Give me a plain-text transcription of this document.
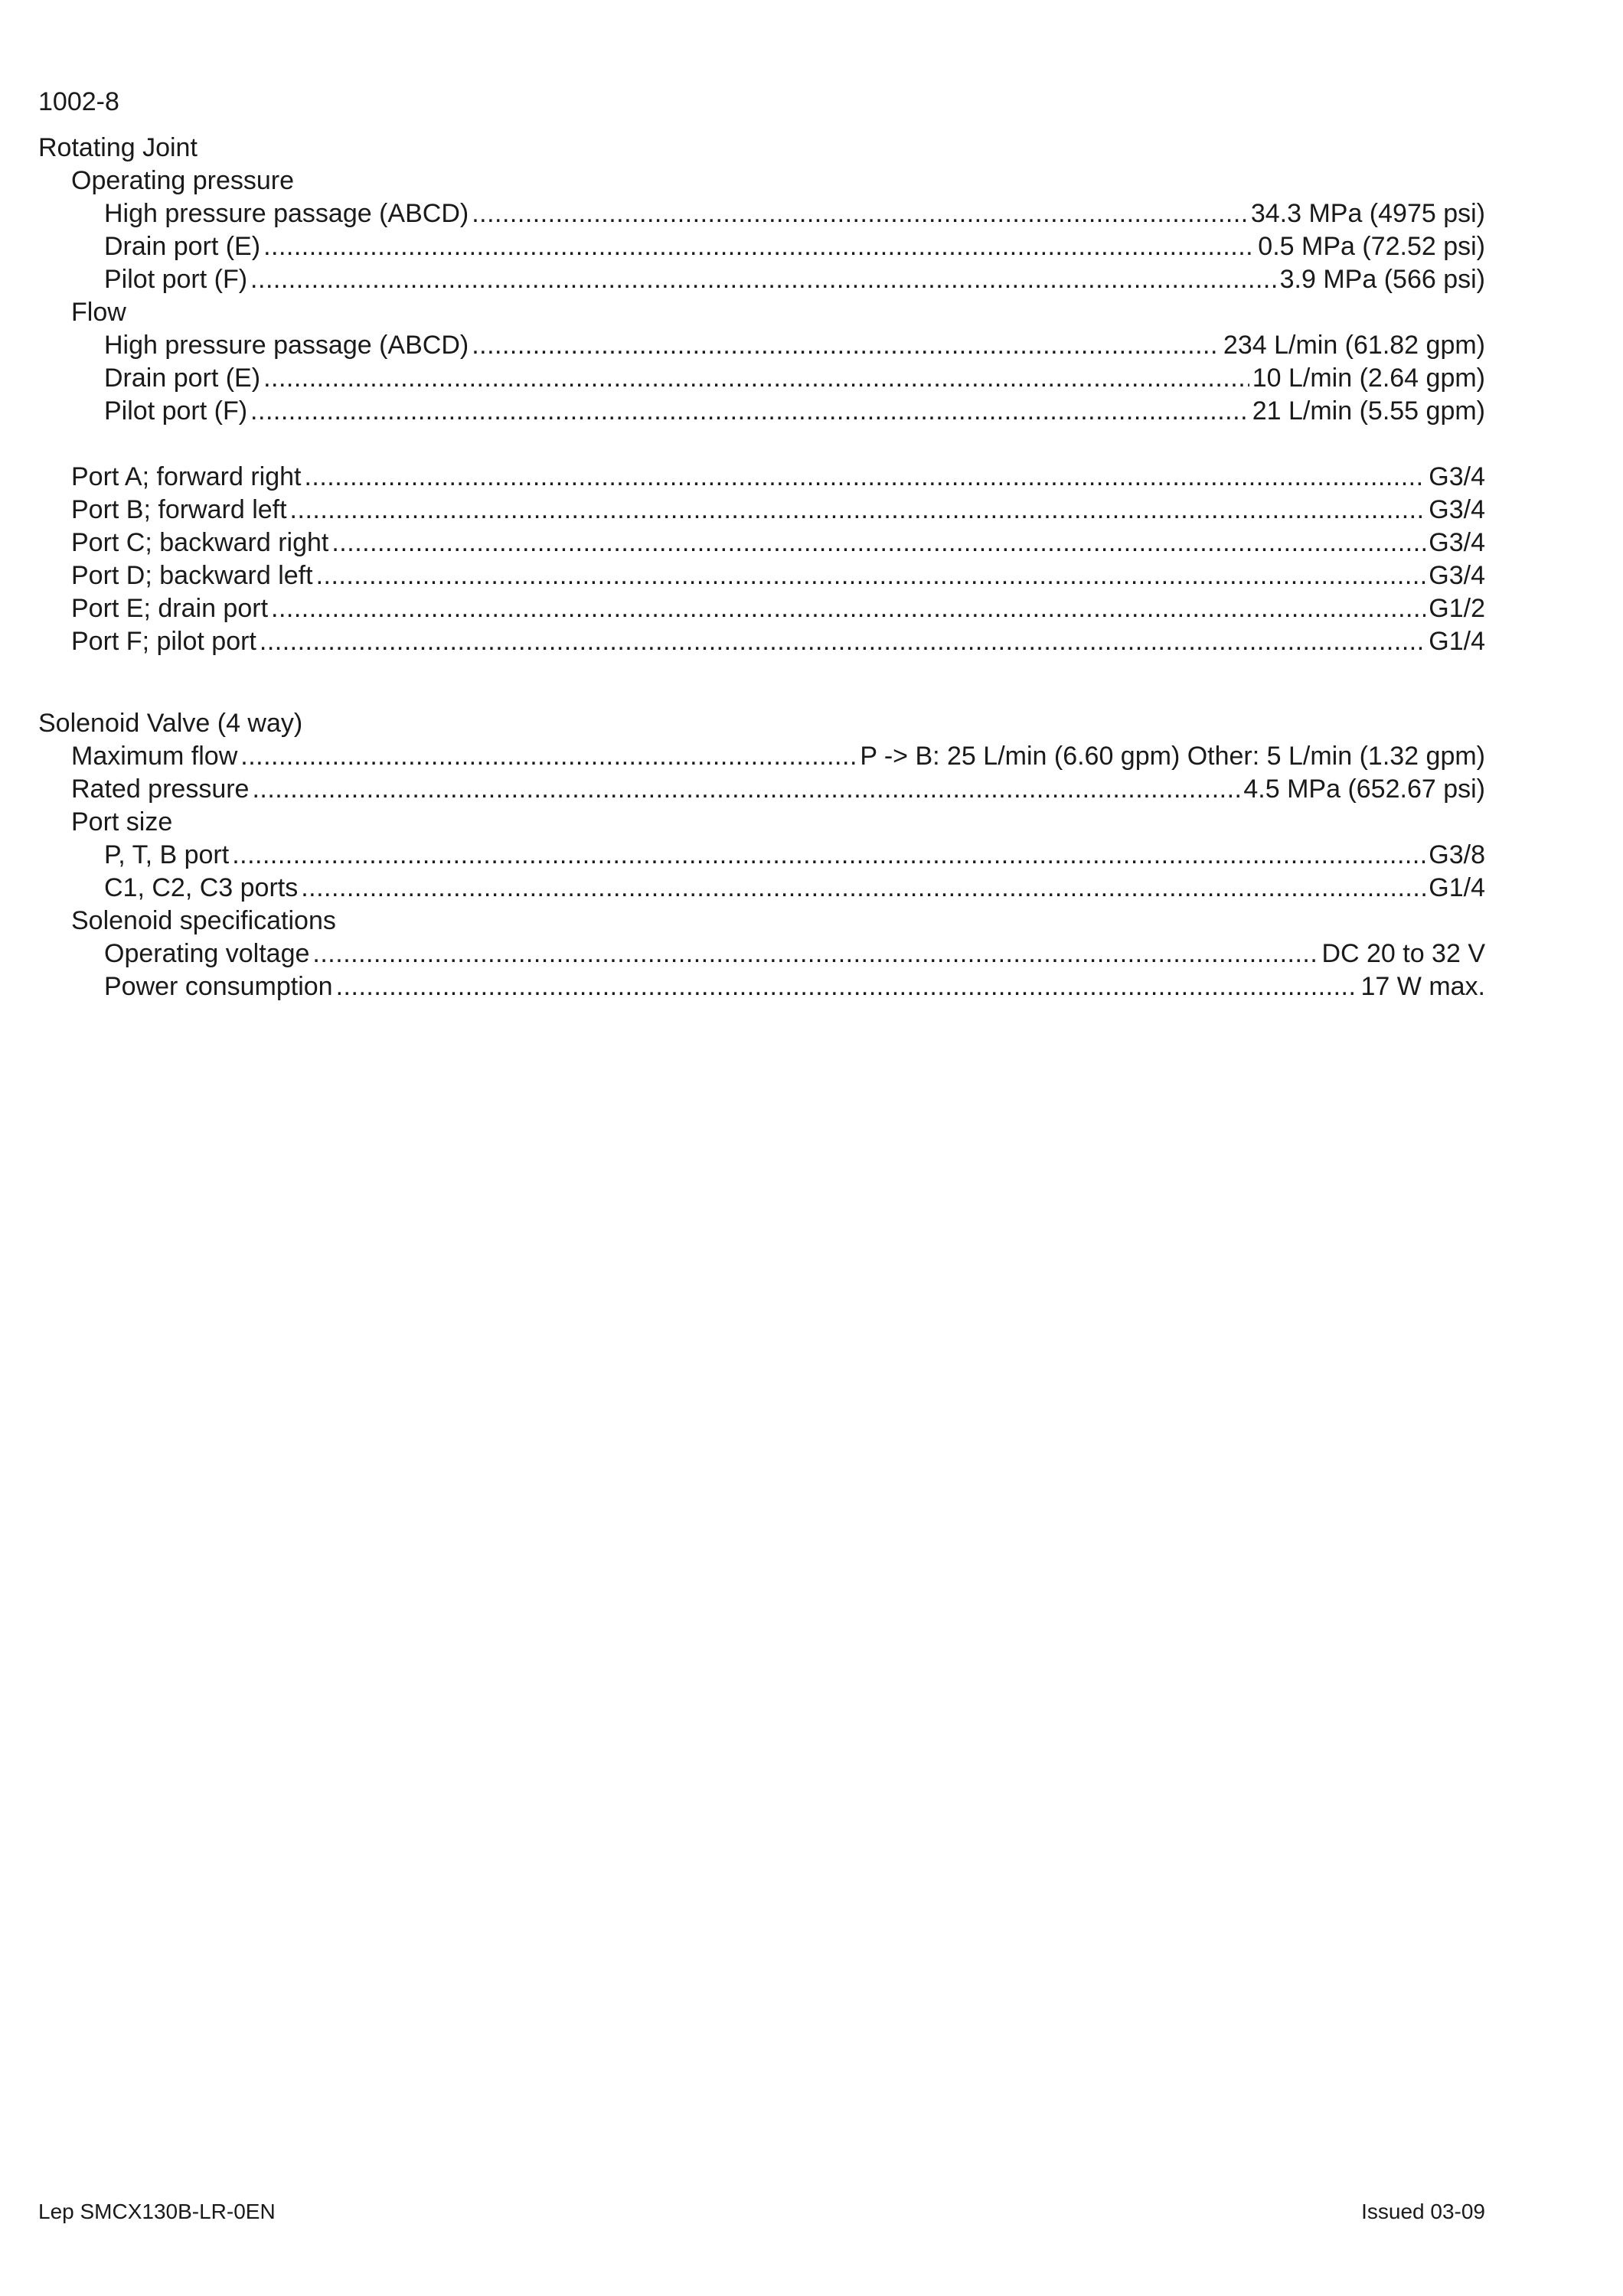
1002-8
Rotating Joint
Operating pressure
High pressure passage (ABCD) .....	34.3 MPa (4975 psi)
Drain port (E) .....	0.5 MPa (72.52 psi)
Pilot port (F) .....	3.9 MPa (566 psi)
Flow
High pressure passage (ABCD) .....	234 L/min (61.82 gpm)
Drain port (E) .....	10 L/min (2.64 gpm)
Pilot port (F) .....	21 L/min (5.55 gpm)
Port A; forward right .....	G3/4
Port B; forward left .....	G3/4
Port C; backward right .....	G3/4
Port D; backward left .....	G3/4
Port E; drain port .....	G1/2
Port F; pilot port .....	G1/4
Solenoid Valve (4 way)
Maximum flow .....	P -> B: 25 L/min (6.60 gpm) Other: 5 L/min (1.32 gpm)
Rated pressure .....	4.5 MPa (652.67 psi)
Port size
P, T, B port .....	G3/8
C1, C2, C3 ports .....	G1/4
Solenoid specifications
Operating voltage .....	DC 20 to 32 V
Power consumption .....	17 W max.
Lep SMCX130B-LR-0EN	Issued 03-09
